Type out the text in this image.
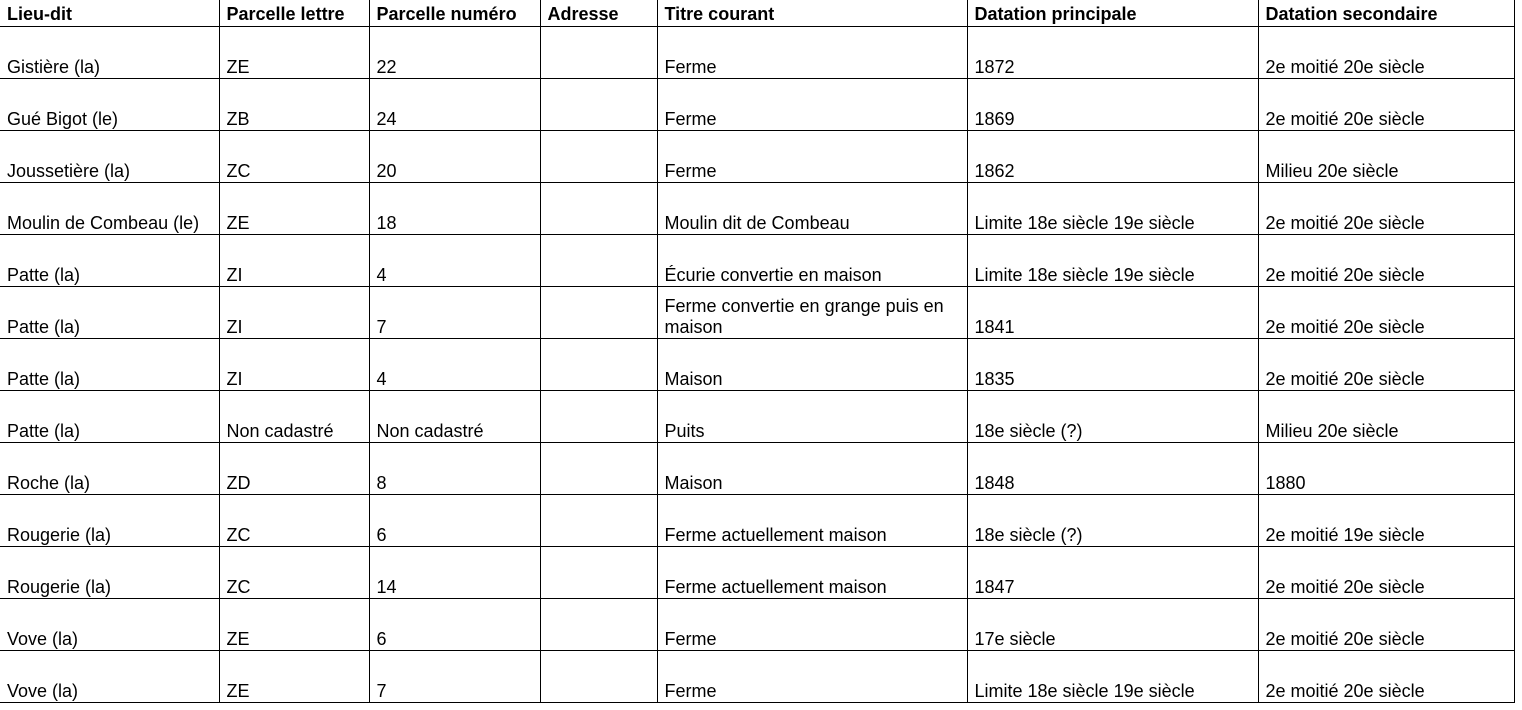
Lieu-dit	Parcelle lettre	Parcelle numéro	Adresse	Titre courant	Datation principale	Datation secondaire
Gistière (la)	ZE	22		Ferme	1872	2e moitié 20e siècle
Gué Bigot (le)	ZB	24		Ferme	1869	2e moitié 20e siècle
Joussetière (la)	ZC	20		Ferme	1862	Milieu 20e siècle
Moulin de Combeau (le)	ZE	18		Moulin dit de Combeau	Limite 18e siècle 19e siècle	2e moitié 20e siècle
Patte (la)	ZI	4		Écurie convertie en maison	Limite 18e siècle 19e siècle	2e moitié 20e siècle
Patte (la)	ZI	7		Ferme convertie en grange puis en maison	1841	2e moitié 20e siècle
Patte (la)	ZI	4		Maison	1835	2e moitié 20e siècle
Patte (la)	Non cadastré	Non cadastré		Puits	18e siècle (?)	Milieu 20e siècle
Roche (la)	ZD	8		Maison	1848	1880
Rougerie (la)	ZC	6		Ferme actuellement maison	18e siècle (?)	2e moitié 19e siècle
Rougerie (la)	ZC	14		Ferme actuellement maison	1847	2e moitié 20e siècle
Vove (la)	ZE	6		Ferme	17e siècle	2e moitié 20e siècle
Vove (la)	ZE	7		Ferme	Limite 18e siècle 19e siècle	2e moitié 20e siècle
